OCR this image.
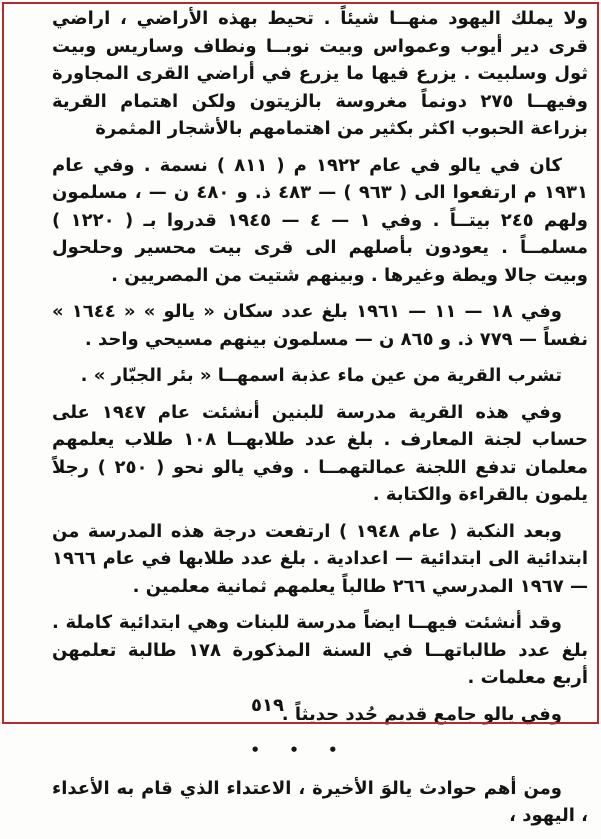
ولا يملك اليهود منهــا شيئاً . تحيط بهذه الأراضي ، اراضي قرى دير أيوب وعمواس وبيت نوبــا ونطاف وساريس وبيت ثول وسلبيت . يزرع فيها ما يزرع في أراضي القرى المجاورة وفيهــا ٢٧٥ دونماً مغروسة بالزيتون ولكن اهتمام القرية بزراعة الحبوب اكثر بكثير من اهتمامهم بالأشجار المثمرة

كان في يالو في عام ١٩٢٢ م ( ٨١١ ) نسمة . وفي عام ١٩٣١ م ارتفعوا الى ( ٩٦٣ ) — ٤٨٣ ذ. و ٤٨٠ ن — ، مسلمون ولهم ٢٤٥ بيتــاً . وفي ١ — ٤ — ١٩٤٥ قدروا بـ ( ١٢٢٠ ) مسلمــاً . يعودون بأصلهم الى قرى بيت محسير وحلحول وبيت جالا ويطة وغيرها . وبينهم شتيت من المصريين .

وفي ١٨ — ١١ — ١٩٦١ بلغ عدد سكان « يالو » « ١٦٤٤ » نفساً — ٧٧٩ ذ. و ٨٦٥ ن — مسلمون بينهم مسيحي واحد .

تشرب القرية من عين ماء عذبة اسمهــا « بئر الجبّار » .

وفي هذه القرية مدرسة للبنين أنشئت عام ١٩٤٧ على حساب لجنة المعارف . بلغ عدد طلابهــا ١٠٨ طلاب يعلمهم معلمان تدفع اللجنة عمالتهمــا . وفي يالو نحو ( ٢٥٠ ) رجلاً يلمون بالقراءة والكتابة .

وبعد النكبة ( عام ١٩٤٨ ) ارتفعت درجة هذه المدرسة من ابتدائية الى ابتدائية — اعدادية . بلغ عدد طلابها في عام ١٩٦٦ — ١٩٦٧ المدرسي ٢٦٦ طالباً يعلمهم ثمانية معلمين .

وقد أنشئت فيهــا ايضاً مدرسة للبنات وهي ابتدائية كاملة . بلغ عدد طالباتهــا في السنة المذكورة ١٧٨ طالبة تعلمهن أربع معلمات .

وفي يالو جامع قديم جُدد حديثاً .

• • •

ومن أهم حوادث يالوَ الأخيرة ، الاعتداء الذي قام به الأعداء ، اليهود ،

٥١٩
